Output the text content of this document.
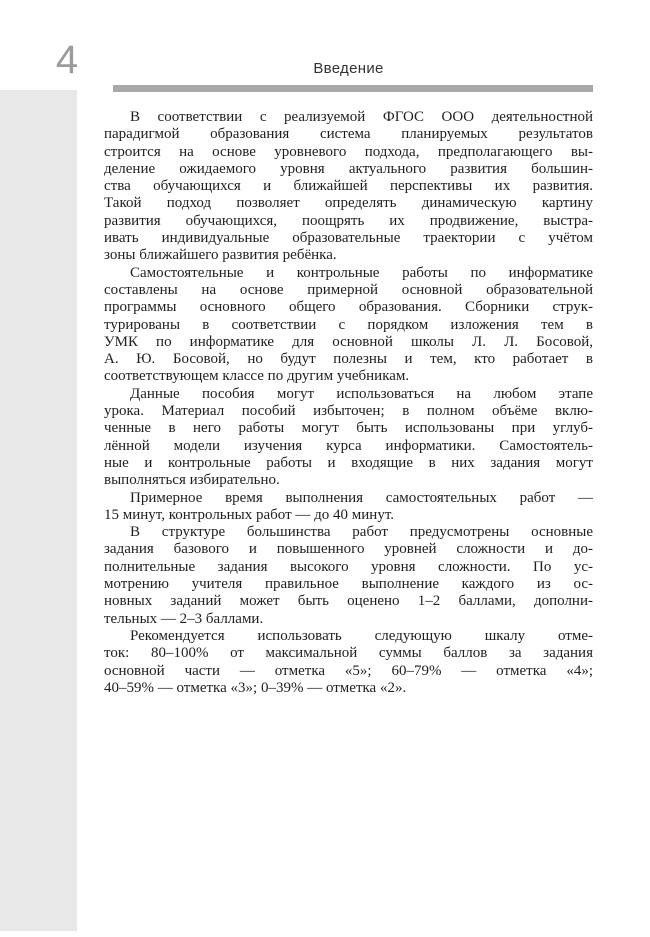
4	Введение
В соответствии с реализуемой ФГОС ООО деятельностной
парадигмой образования система планируемых результатов
строится на основе уровневого подхода, предполагающего вы-
деление ожидаемого уровня актуального развития большин-
ства обучающихся и ближайшей перспективы их развития.
Такой подход позволяет определять динамическую картину
развития обучающихся, поощрять их продвижение, выстра-
ивать индивидуальные образовательные траектории с учётом
зоны ближайшего развития ребёнка.
Самостоятельные и контрольные работы по информатике
составлены на основе примерной основной образовательной
программы основного общего образования. Сборники струк-
турированы в соответствии с порядком изложения тем в
УМК по информатике для основной школы Л. Л. Босовой,
А. Ю. Босовой, но будут полезны и тем, кто работает в
соответствующем классе по другим учебникам.
Данные пособия могут использоваться на любом этапе
урока. Материал пособий избыточен; в полном объёме вклю-
ченные в него работы могут быть использованы при углуб-
лённой модели изучения курса информатики. Самостоятель-
ные и контрольные работы и входящие в них задания могут
выполняться избирательно.
Примерное время выполнения самостоятельных работ —
15 минут, контрольных работ — до 40 минут.
В структуре большинства работ предусмотрены основные
задания базового и повышенного уровней сложности и до-
полнительные задания высокого уровня сложности. По ус-
мотрению учителя правильное выполнение каждого из ос-
новных заданий может быть оценено 1–2 баллами, дополни-
тельных — 2–3 баллами.
Рекомендуется использовать следующую шкалу отме-
ток: 80–100% от максимальной суммы баллов за задания
основной части — отметка «5»; 60–79% — отметка «4»;
40–59% — отметка «3»; 0–39% — отметка «2».
